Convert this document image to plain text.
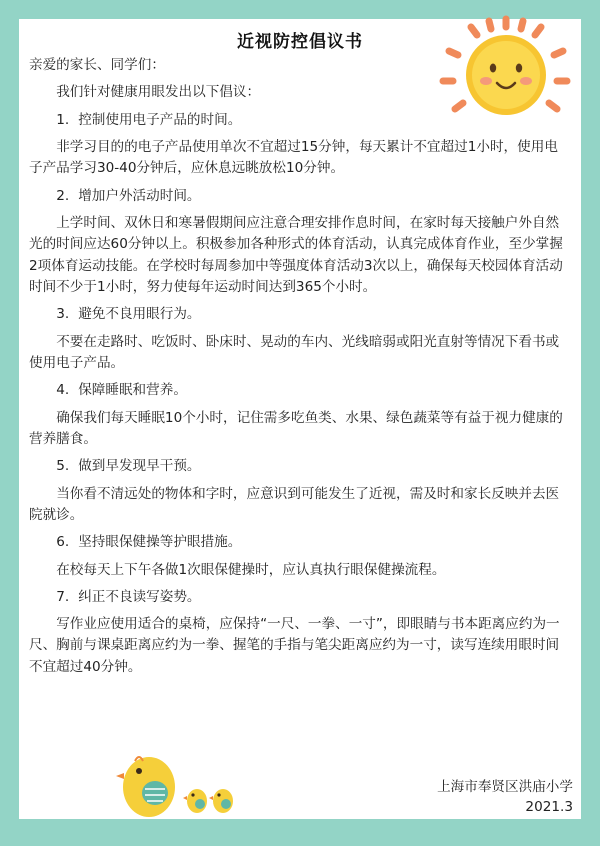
近视防控倡议书

亲爱的家长、同学们：

我们针对健康用眼发出以下倡议：

1. 控制使用电子产品的时间。

非学习目的的电子产品使用单次不宜超过15分钟，每天累计不宜超过1小时，使用电子产品学习30-40分钟后，应休息远眺放松10分钟。

2. 增加户外活动时间。

上学时间、双休日和寒暑假期间应注意合理安排作息时间，在家时每天接触户外自然光的时间应达60分钟以上。积极参加各种形式的体育活动，认真完成体育作业，至少掌握2项体育运动技能。在学校时每周参加中等强度体育活动3次以上，确保每天校园体育活动时间不少于1小时，努力使每年运动时间达到365个小时。

3. 避免不良用眼行为。

不要在走路时、吃饭时、卧床时、晃动的车内、光线暗弱或阳光直射等情况下看书或使用电子产品。

4. 保障睡眠和营养。

确保我们每天睡眠10个小时，记住需多吃鱼类、水果、绿色蔬菜等有益于视力健康的营养膳食。

5. 做到早发现早干预。

当你看不清远处的物体和字时，应意识到可能发生了近视，需及时和家长反映并去医院就诊。

6. 坚持眼保健操等护眼措施。

在校每天上下午各做1次眼保健操时，应认真执行眼保健操流程。

7. 纠正不良读写姿势。

写作业应使用适合的桌椅，应保持“一尺、一拳、一寸”，即眼睛与书本距离应约为一尺、胸前与课桌距离应约为一拳、握笔的手指与笔尖距离应约为一寸，读写连续用眼时间不宜超过40分钟。

上海市奉贤区洪庙小学
2021.3
